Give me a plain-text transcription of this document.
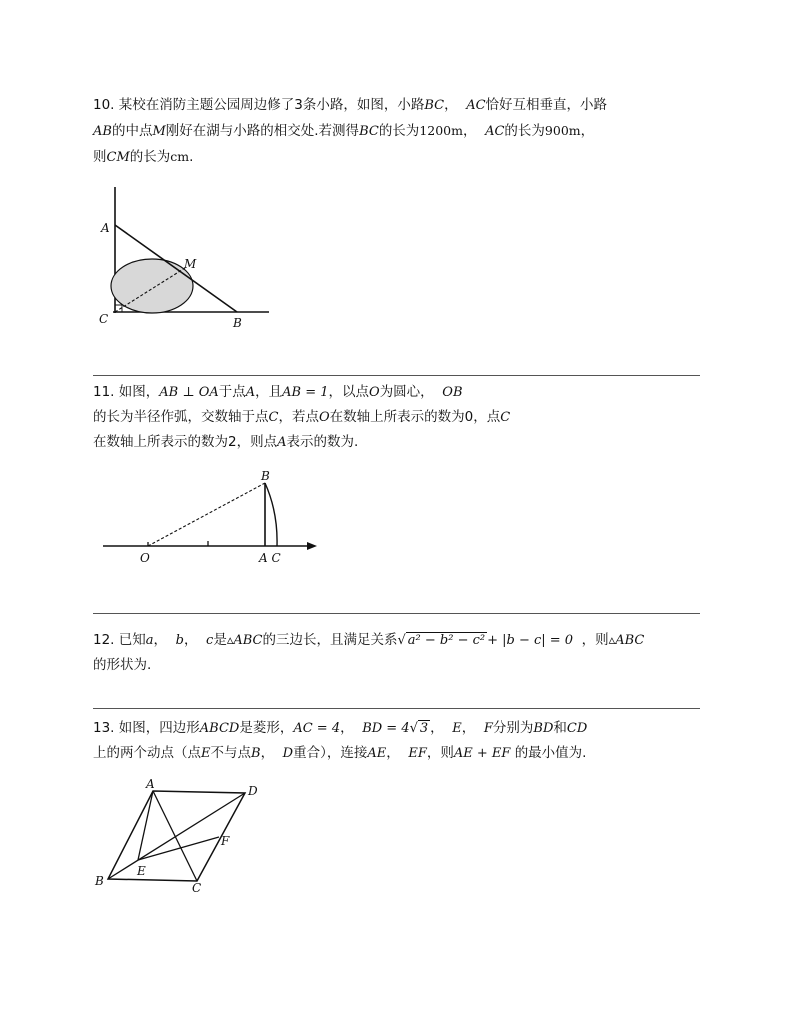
10. 某校在消防主题公园周边修了3条小路，如图，小路BC， AC恰好互相垂直，小路

AB的中点M刚好在湖与小路的相交处.若测得BC的长为1200m， AC的长为900m，

则CM的长为cm.

A
M
C	B

11. 如图，AB ⊥ OA于点A，且AB = 1，以点O为圆心， OB

的长为半径作弧，交数轴于点C，若点O在数轴上所表示的数为0，点C

在数轴上所表示的数为2，则点A表示的数为.

B
O	A C

12. 已知a， b， c是▵ABC的三边长，且满足关系√ a² − b² − c² + |b − c| = 0 ，则▵ABC

的形状为.

13. 如图，四边形ABCD是菱形，AC = 4， BD = 4√ 3 ， E， F分别为BD和CD

上的两个动点（点E不与点B， D重合），连接AE， EF，则AE + EF 的最小值为.

A	D
F
E
B	C
